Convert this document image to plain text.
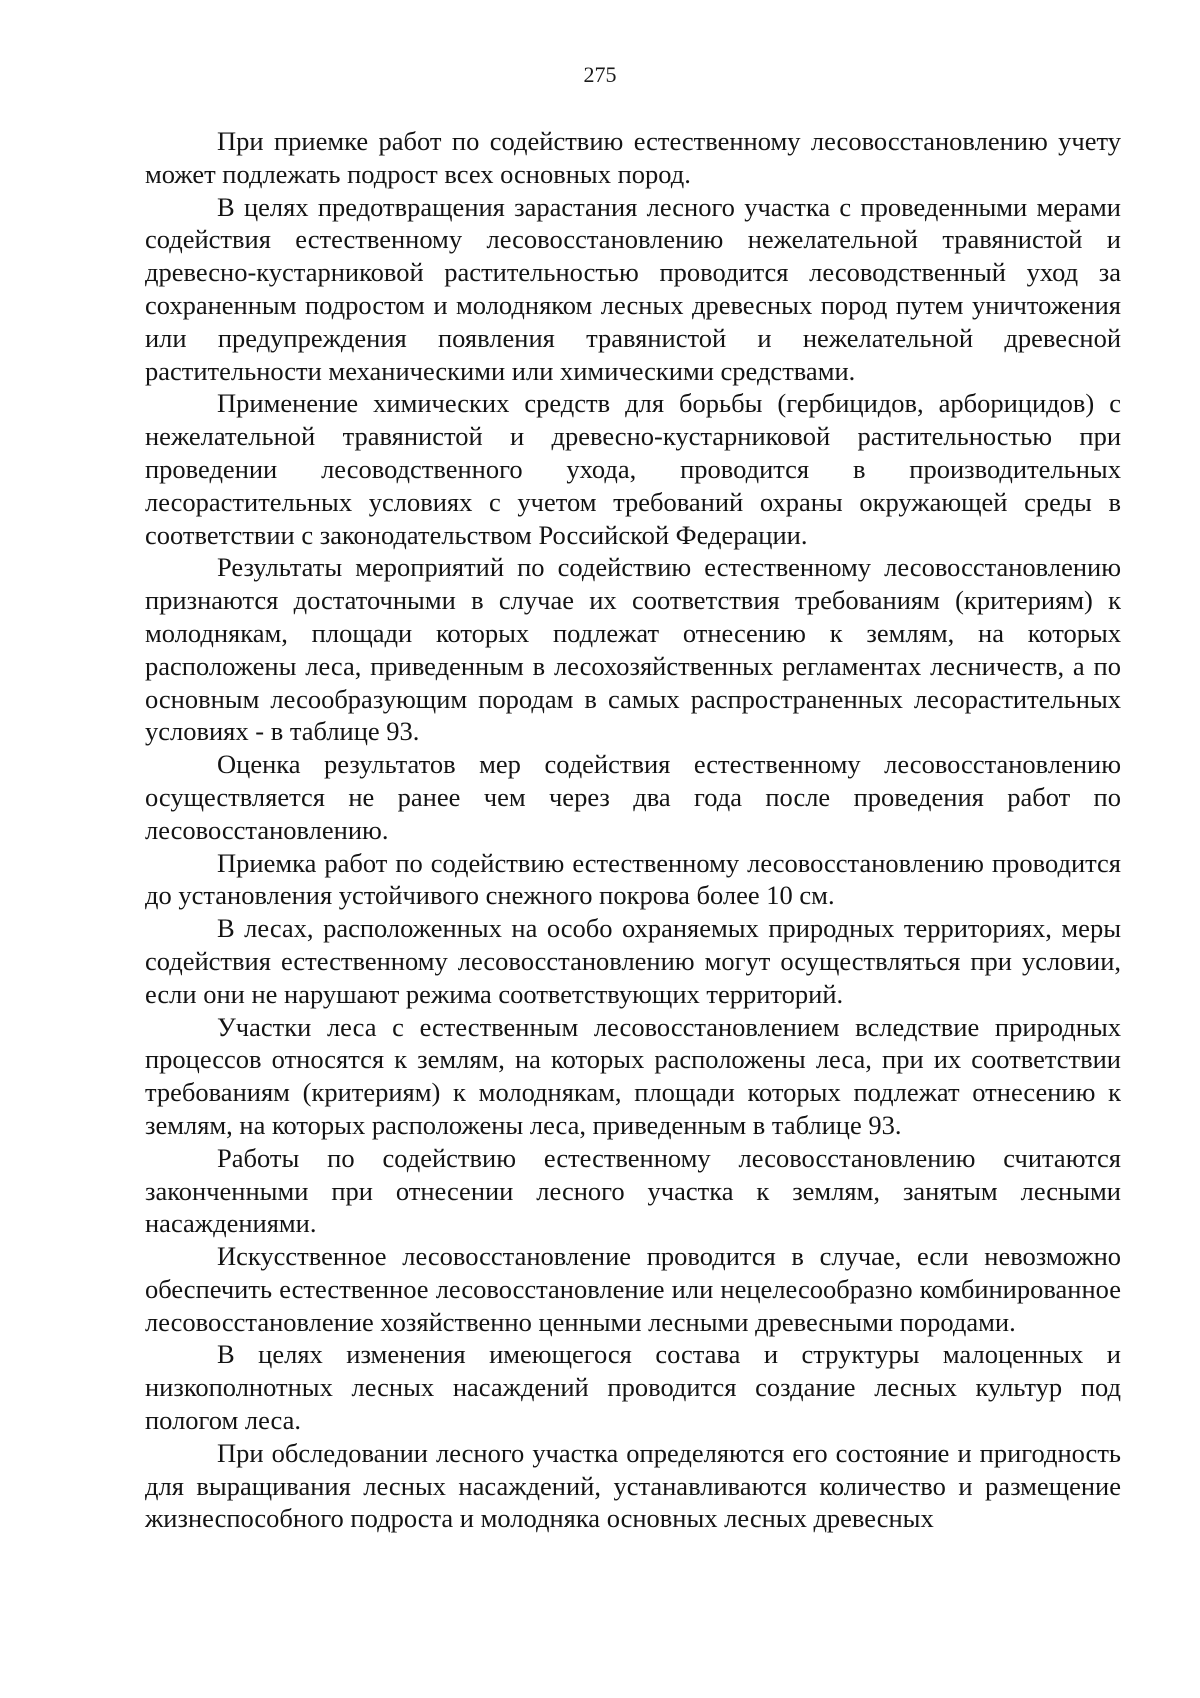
275

При приемке работ по содействию естественному лесовосстановлению учету может подлежать подрост всех основных пород.

В целях предотвращения зарастания лесного участка с проведенными мерами содействия естественному лесовосстановлению нежелательной травянистой и древесно-кустарниковой растительностью проводится лесоводственный уход за сохраненным подростом и молодняком лесных древесных пород путем уничтожения или предупреждения появления травянистой и нежелательной древесной растительности механическими или химическими средствами.

Применение химических средств для борьбы (гербицидов, арборицидов) с нежелательной травянистой и древесно-кустарниковой растительностью при проведении лесоводственного ухода, проводится в производительных лесорастительных условиях с учетом требований охраны окружающей среды в соответствии с законодательством Российской Федерации.

Результаты мероприятий по содействию естественному лесовосстановлению признаются достаточными в случае их соответствия требованиям (критериям) к молоднякам, площади которых подлежат отнесению к землям, на которых расположены леса, приведенным в лесохозяйственных регламентах лесничеств, а по основным лесообразующим породам в самых распространенных лесорастительных условиях - в таблице 93.

Оценка результатов мер содействия естественному лесовосстановлению осуществляется не ранее чем через два года после проведения работ по лесовосстановлению.

Приемка работ по содействию естественному лесовосстановлению проводится до установления устойчивого снежного покрова более 10 см.

В лесах, расположенных на особо охраняемых природных территориях, меры содействия естественному лесовосстановлению могут осуществляться при условии, если они не нарушают режима соответствующих территорий.

Участки леса с естественным лесовосстановлением вследствие природных процессов относятся к землям, на которых расположены леса, при их соответствии требованиям (критериям) к молоднякам, площади которых подлежат отнесению к землям, на которых расположены леса, приведенным в таблице 93.

Работы по содействию естественному лесовосстановлению считаются законченными при отнесении лесного участка к землям, занятым лесными насаждениями.

Искусственное лесовосстановление проводится в случае, если невозможно обеспечить естественное лесовосстановление или нецелесообразно комбинированное лесовосстановление хозяйственно ценными лесными древесными породами.

В целях изменения имеющегося состава и структуры малоценных и низкополнотных лесных насаждений проводится создание лесных культур под пологом леса.

При обследовании лесного участка определяются его состояние и пригодность для выращивания лесных насаждений, устанавливаются количество и размещение жизнеспособного подроста и молодняка основных лесных древесных
